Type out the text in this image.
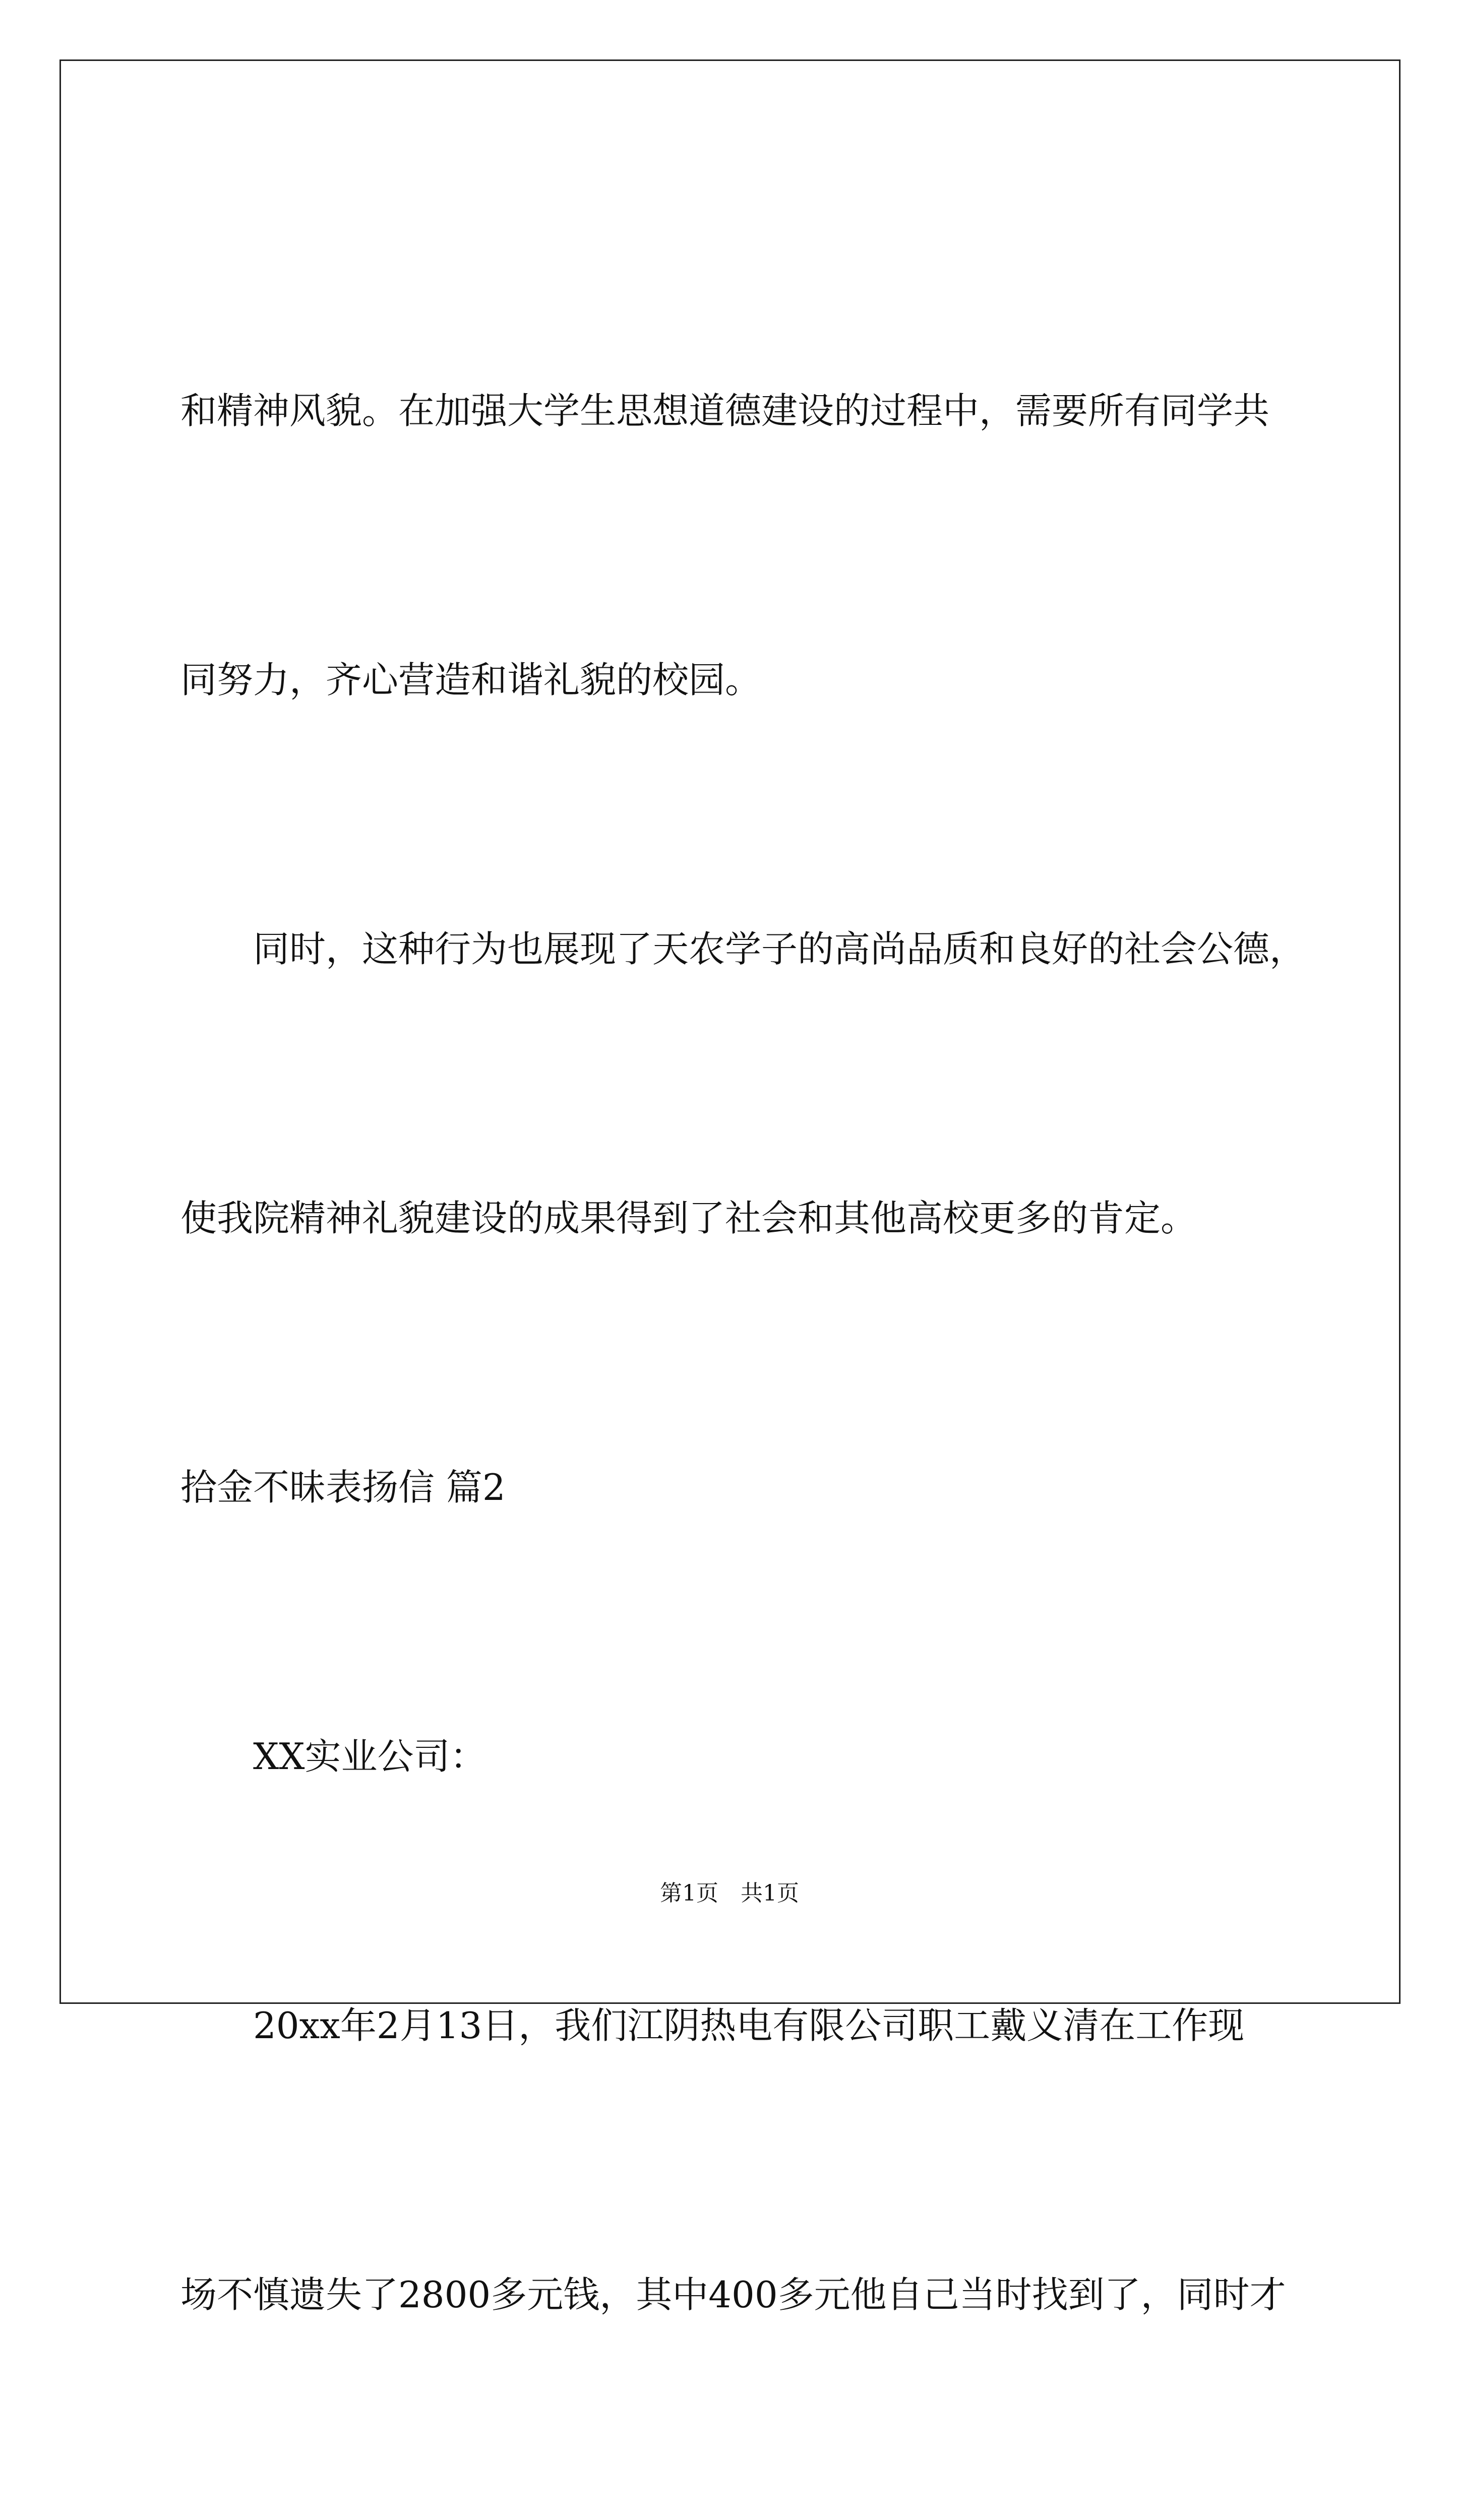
和精神风貌。在加强大学生思想道德建设的过程中，需要所有同学共

同努力，齐心营造和谐礼貌的校园。

　　同时，这种行为也展现了天农学子的高尚品质和良好的社会公德，

使我院精神礼貌建设的成果得到了社会和其他高校更多的肯定。

拾金不昧表扬信 篇2

　　XX实业公司：

　　20xx年2月13日，我们江阴热电有限公司职工戴义清在工作现

场不慎遗失了2800多元钱，其中400多元他自己当时找到了，同时才

第1页　共1页
